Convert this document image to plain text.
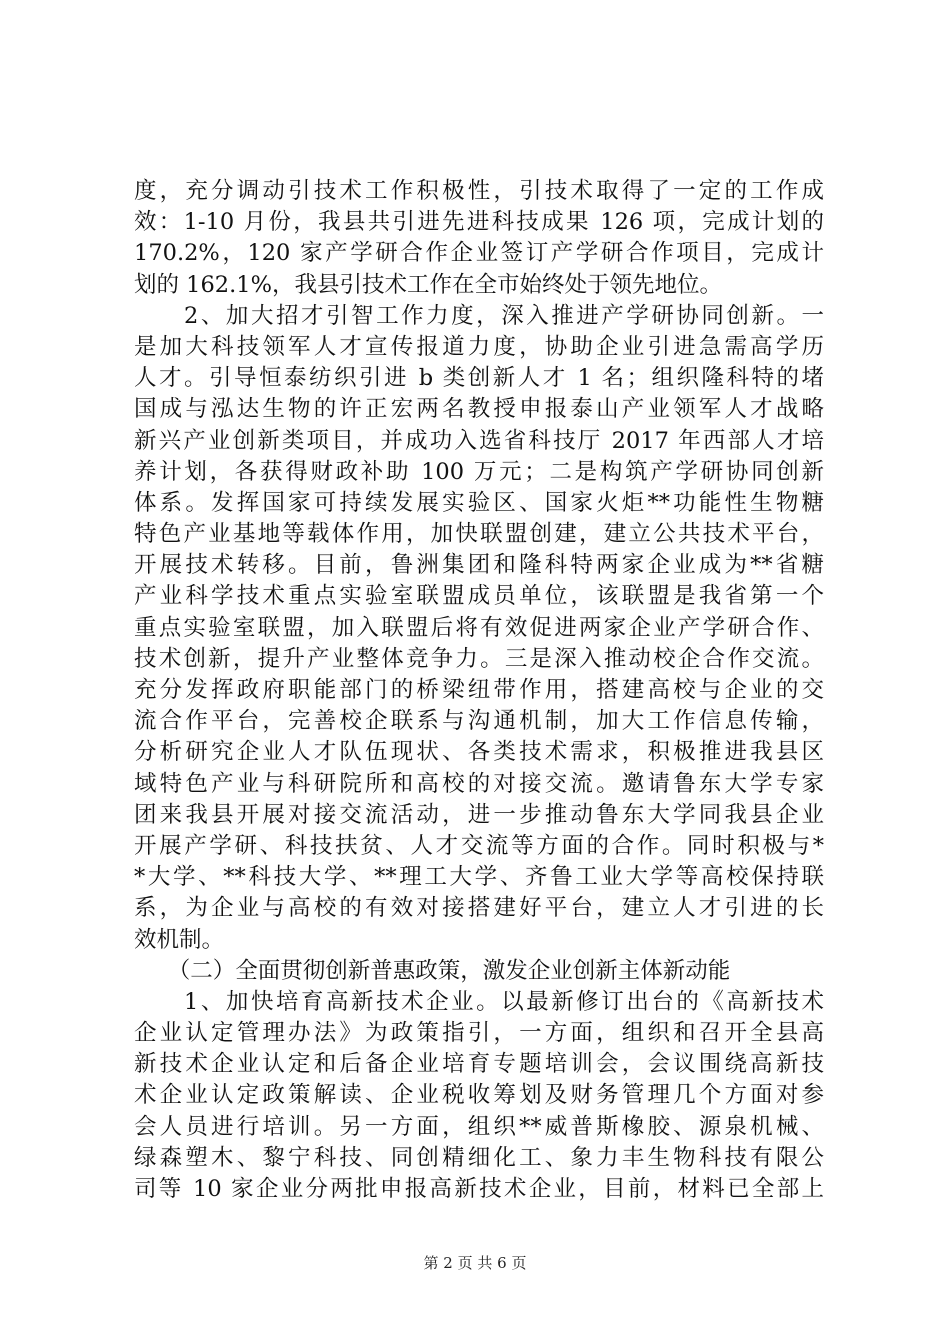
度，充分调动引技术工作积极性，引技术取得了一定的工作成
效：1-10 月份，我县共引进先进科技成果 126 项，完成计划的
170.2%，120 家产学研合作企业签订产学研合作项目，完成计
划的 162.1%，我县引技术工作在全市始终处于领先地位。
　　2、加大招才引智工作力度，深入推进产学研协同创新。一
是加大科技领军人才宣传报道力度，协助企业引进急需高学历
人才。引导恒泰纺织引进 b 类创新人才 1 名；组织隆科特的堵
国成与泓达生物的许正宏两名教授申报泰山产业领军人才战略
新兴产业创新类项目，并成功入选省科技厅 2017 年西部人才培
养计划，各获得财政补助 100 万元；二是构筑产学研协同创新
体系。发挥国家可持续发展实验区、国家火炬**功能性生物糖
特色产业基地等载体作用，加快联盟创建，建立公共技术平台，
开展技术转移。目前，鲁洲集团和隆科特两家企业成为**省糖
产业科学技术重点实验室联盟成员单位，该联盟是我省第一个
重点实验室联盟，加入联盟后将有效促进两家企业产学研合作、
技术创新，提升产业整体竞争力。三是深入推动校企合作交流。
充分发挥政府职能部门的桥梁纽带作用，搭建高校与企业的交
流合作平台，完善校企联系与沟通机制，加大工作信息传输，
分析研究企业人才队伍现状、各类技术需求，积极推进我县区
域特色产业与科研院所和高校的对接交流。邀请鲁东大学专家
团来我县开展对接交流活动，进一步推动鲁东大学同我县企业
开展产学研、科技扶贫、人才交流等方面的合作。同时积极与*
*大学、**科技大学、**理工大学、齐鲁工业大学等高校保持联
系，为企业与高校的有效对接搭建好平台，建立人才引进的长
效机制。
　　（二）全面贯彻创新普惠政策，激发企业创新主体新动能
　　1、加快培育高新技术企业。以最新修订出台的《高新技术
企业认定管理办法》为政策指引，一方面，组织和召开全县高
新技术企业认定和后备企业培育专题培训会，会议围绕高新技
术企业认定政策解读、企业税收筹划及财务管理几个方面对参
会人员进行培训。另一方面，组织**威普斯橡胶、源泉机械、
绿森塑木、黎宁科技、同创精细化工、象力丰生物科技有限公
司等 10 家企业分两批申报高新技术企业，目前，材料已全部上
第 2 页 共 6 页
